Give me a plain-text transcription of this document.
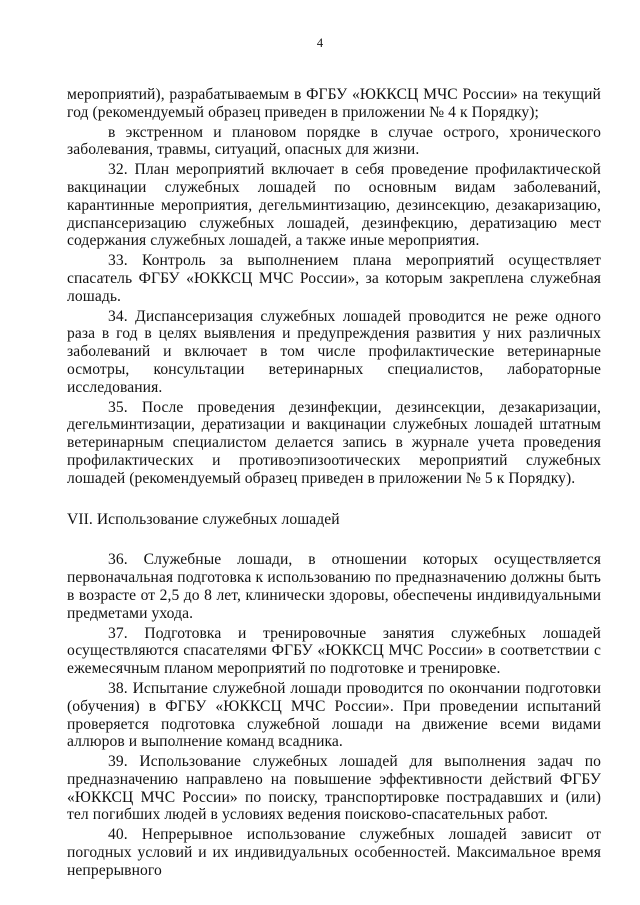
4

мероприятий), разрабатываемым в ФГБУ «ЮККСЦ МЧС России» на текущий год (рекомендуемый образец приведен в приложении № 4 к Порядку);

в экстренном и плановом порядке в случае острого, хронического заболевания, травмы, ситуаций, опасных для жизни.

32. План мероприятий включает в себя проведение профилактической вакцинации служебных лошадей по основным видам заболеваний, карантинные мероприятия, дегельминтизацию, дезинсекцию, дезакаризацию, диспансеризацию служебных лошадей, дезинфекцию, дератизацию мест содержания служебных лошадей, а также иные мероприятия.

33. Контроль за выполнением плана мероприятий осуществляет спасатель ФГБУ «ЮККСЦ МЧС России», за которым закреплена служебная лошадь.

34. Диспансеризация служебных лошадей проводится не реже одного раза в год в целях выявления и предупреждения развития у них различных заболеваний и включает в том числе профилактические ветеринарные осмотры, консультации ветеринарных специалистов, лабораторные исследования.

35. После проведения дезинфекции, дезинсекции, дезакаризации, дегельминтизации, дератизации и вакцинации служебных лошадей штатным ветеринарным специалистом делается запись в журнале учета проведения профилактических и противоэпизоотических мероприятий служебных лошадей (рекомендуемый образец приведен в приложении № 5 к Порядку).

VII. Использование служебных лошадей

36. Служебные лошади, в отношении которых осуществляется первоначальная подготовка к использованию по предназначению должны быть в возрасте от 2,5 до 8 лет, клинически здоровы, обеспечены индивидуальными предметами ухода.

37. Подготовка и тренировочные занятия служебных лошадей осуществляются спасателями ФГБУ «ЮККСЦ МЧС России» в соответствии с ежемесячным планом мероприятий по подготовке и тренировке.

38. Испытание служебной лошади проводится по окончании подготовки (обучения) в ФГБУ «ЮККСЦ МЧС России». При проведении испытаний проверяется подготовка служебной лошади на движение всеми видами аллюров и выполнение команд всадника.

39. Использование служебных лошадей для выполнения задач по предназначению направлено на повышение эффективности действий ФГБУ «ЮККСЦ МЧС России» по поиску, транспортировке пострадавших и (или) тел погибших людей в условиях ведения поисково-спасательных работ.

40. Непрерывное использование служебных лошадей зависит от погодных условий и их индивидуальных особенностей. Максимальное время непрерывного
